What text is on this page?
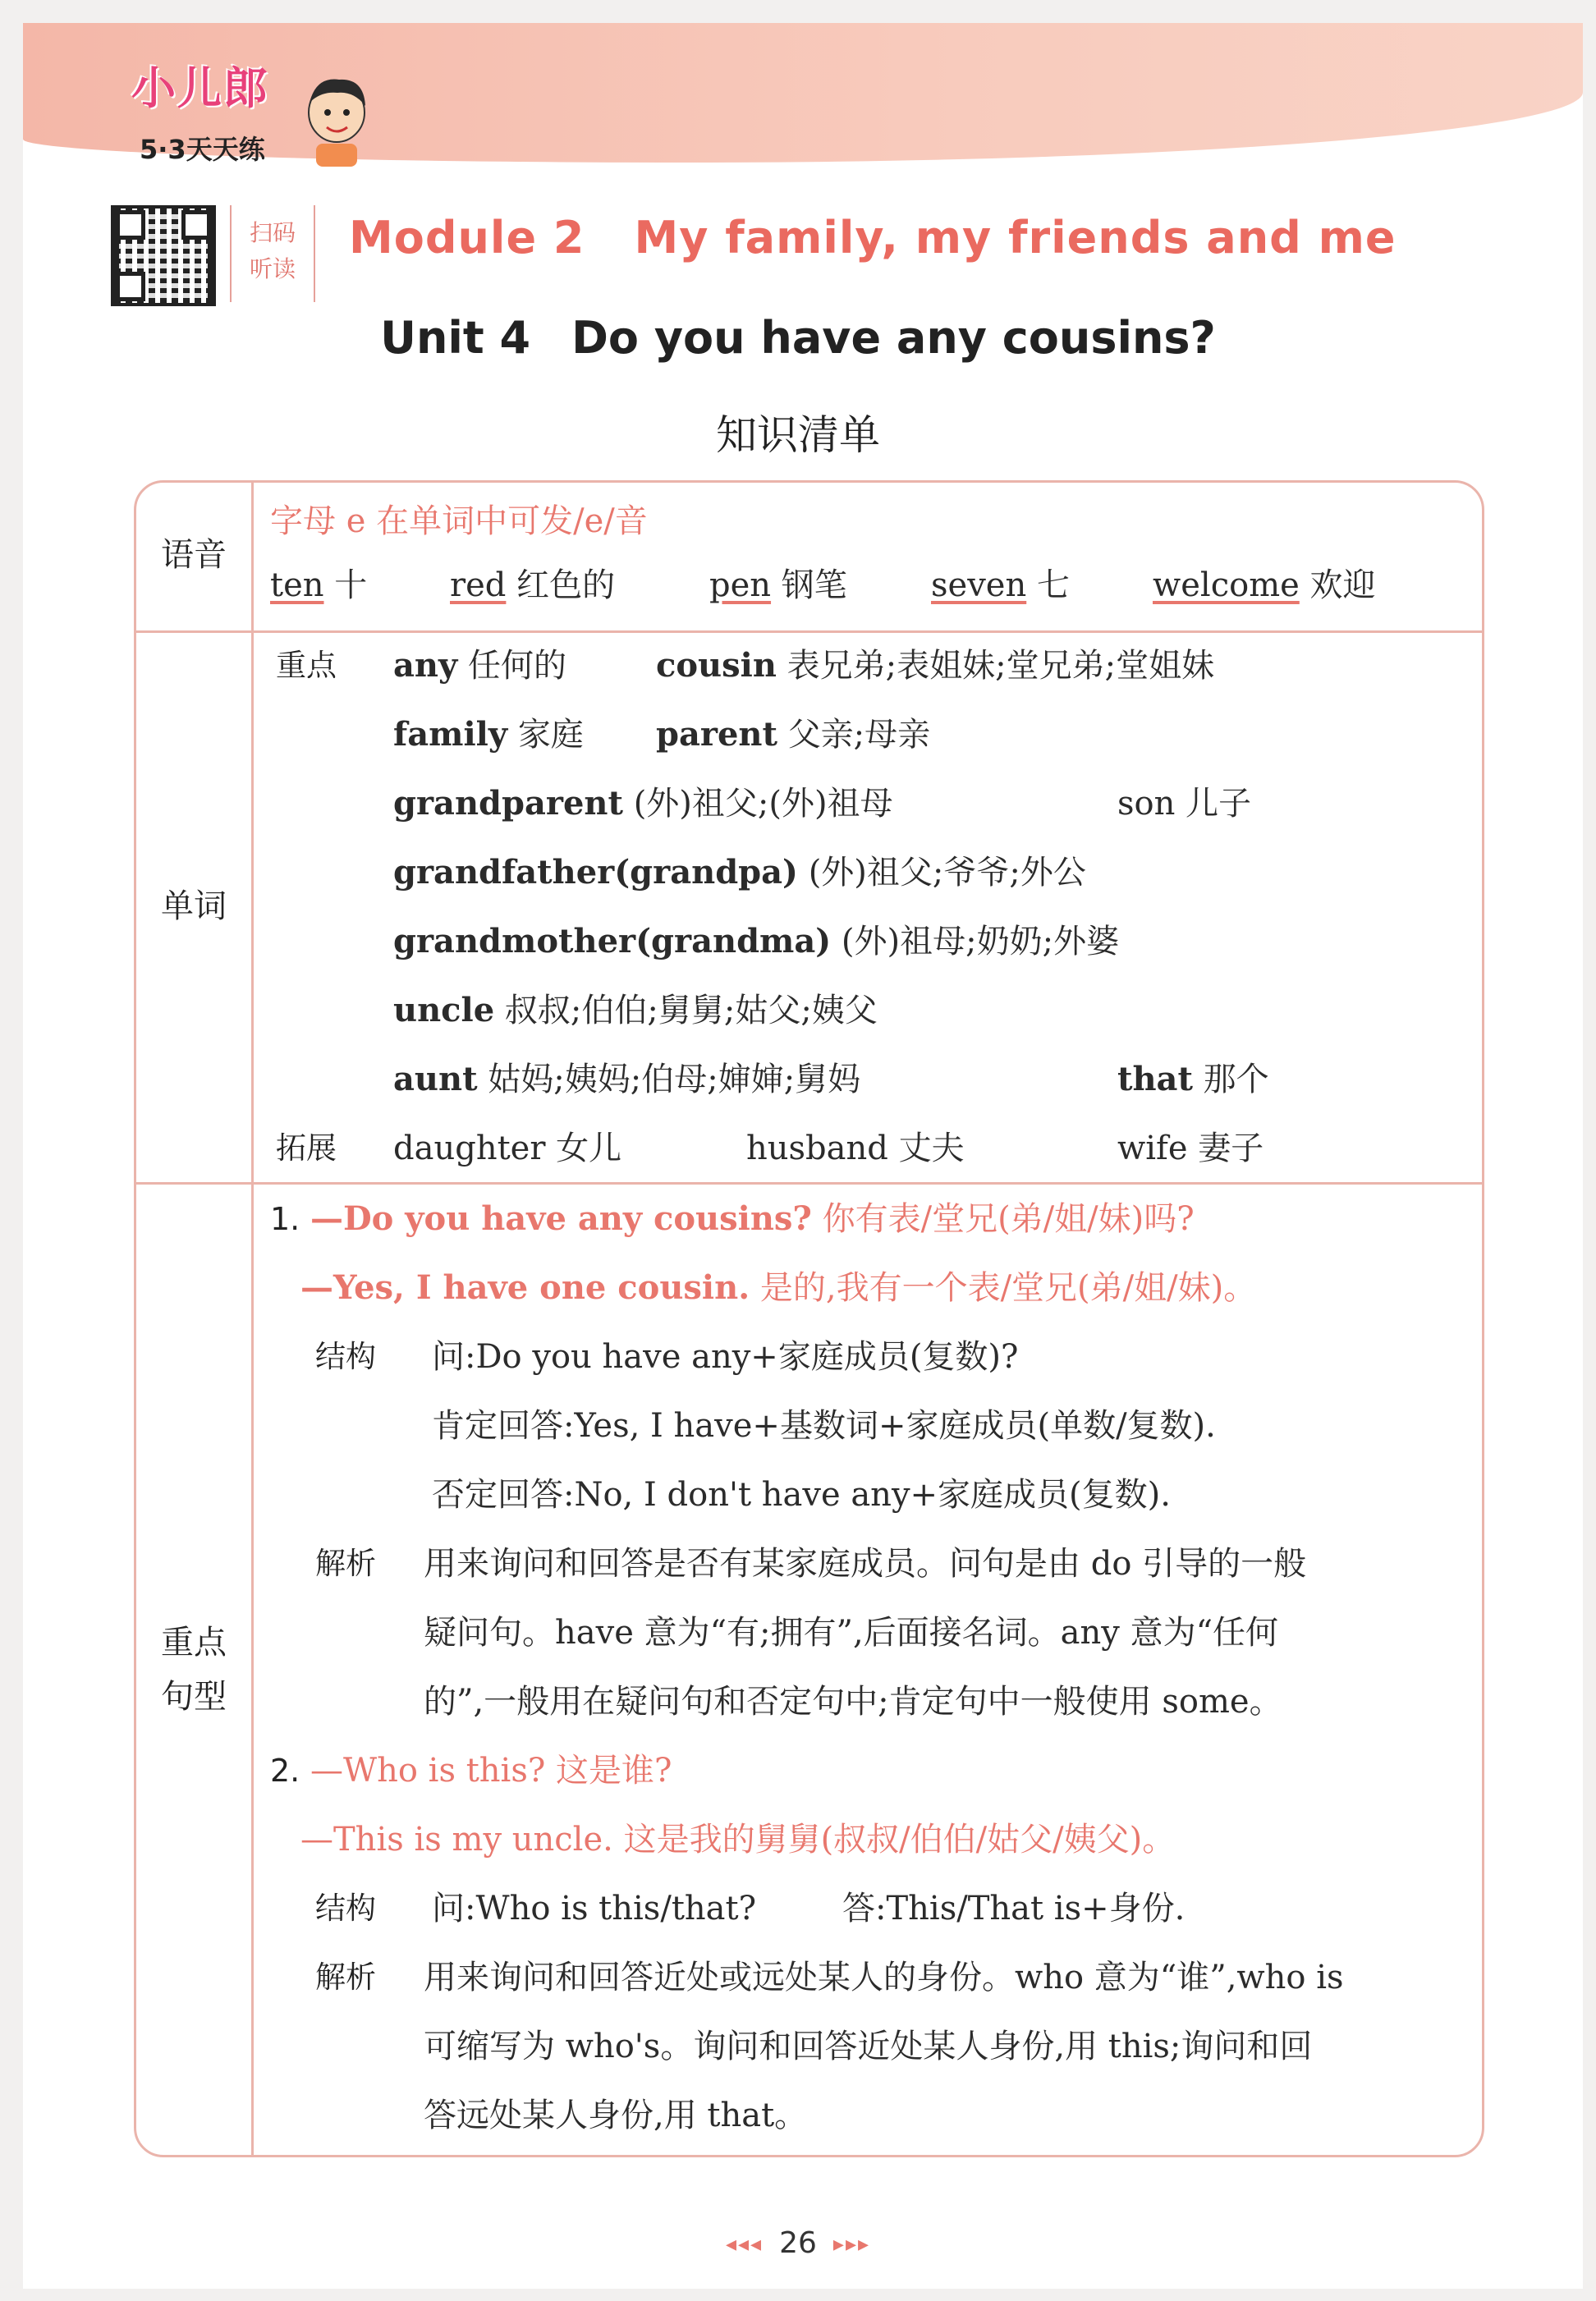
小儿郎
5·3天天练
扫码
听读
Module 2 My family, my friends and me
Unit 4 Do you have any cousins?
知识清单
语音
字母 e 在单词中可发/e/音
ten 十	red 红色的	pen 钢笔	seven 七	welcome 欢迎
单词
重点 any 任何的	cousin 表兄弟;表姐妹;堂兄弟;堂姐妹
family 家庭 parent 父亲;母亲
grandparent (外)祖父;(外)祖母	son 儿子
grandfather(grandpa) (外)祖父;爷爷;外公
grandmother(grandma) (外)祖母;奶奶;外婆
uncle 叔叔;伯伯;舅舅;姑父;姨父
aunt 姑妈;姨妈;伯母;婶婶;舅妈	that 那个
拓展 daughter 女儿	husband 丈夫	wife 妻子
重点
句型
1. —Do you have any cousins? 你有表/堂兄(弟/姐/妹)吗?
—Yes, I have one cousin. 是的,我有一个表/堂兄(弟/姐/妹)。
结构 问:Do you have any+家庭成员(复数)?
肯定回答:Yes, I have+基数词+家庭成员(单数/复数).
否定回答:No, I don't have any+家庭成员(复数).
解析 用来询问和回答是否有某家庭成员。问句是由 do 引导的一般
疑问句。have 意为“有;拥有”,后面接名词。any 意为“任何
的”,一般用在疑问句和否定句中;肯定句中一般使用 some。
2. —Who is this? 这是谁?
—This is my uncle. 这是我的舅舅(叔叔/伯伯/姑父/姨父)。
结构 问:Who is this/that?	答:This/That is+身份.
解析 用来询问和回答近处或远处某人的身份。who 意为“谁”,who is
可缩写为 who's。询问和回答近处某人身份,用 this;询问和回
答远处某人身份,用 that。
◂◂◂ 26 ▸▸▸
